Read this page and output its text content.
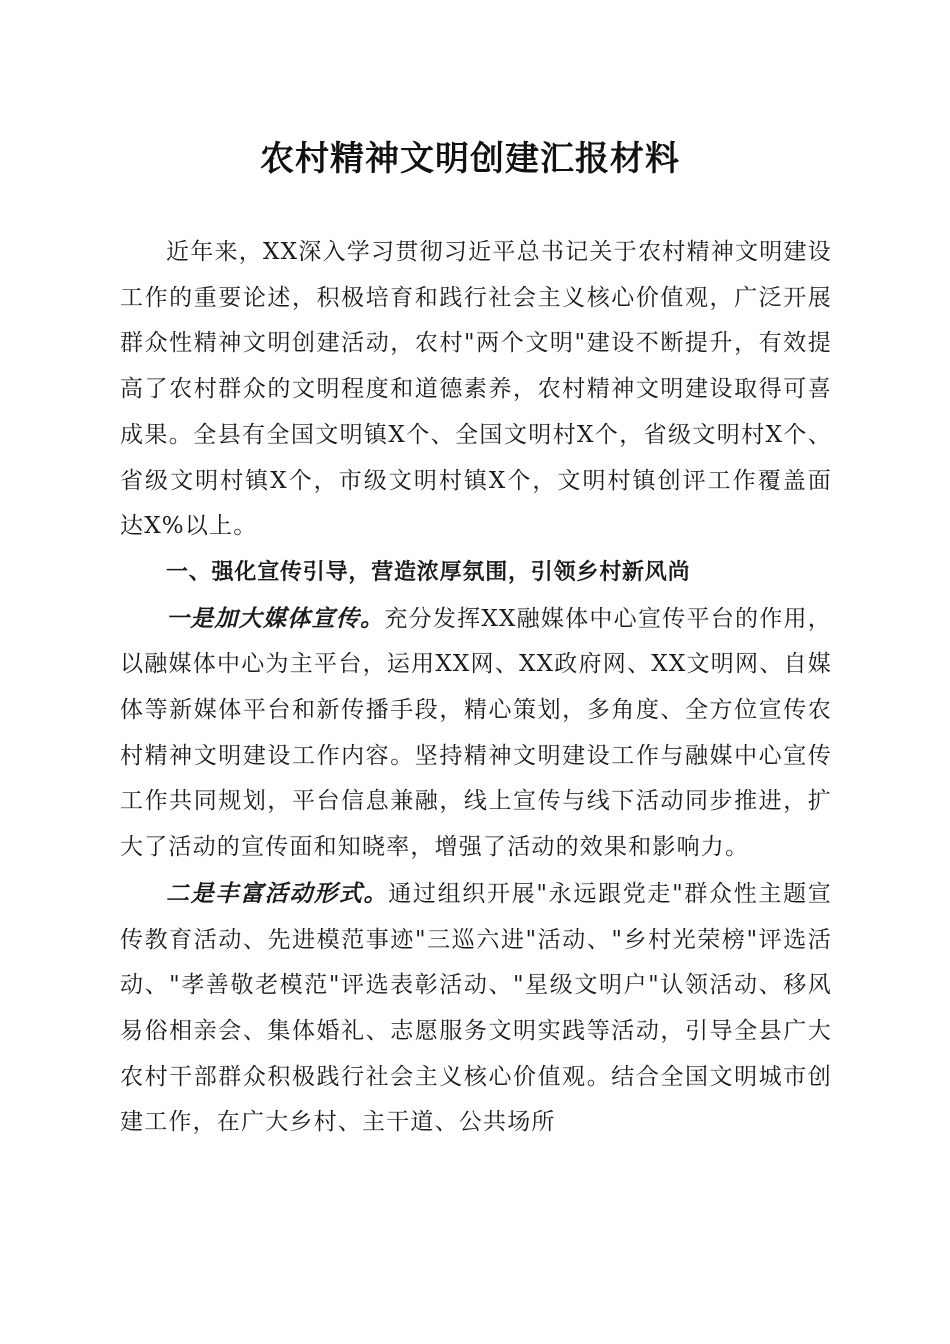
农村精神文明创建汇报材料

近年来，XX深入学习贯彻习近平总书记关于农村精神文明建设工作的重要论述，积极培育和践行社会主义核心价值观，广泛开展群众性精神文明创建活动，农村"两个文明"建设不断提升，有效提高了农村群众的文明程度和道德素养，农村精神文明建设取得可喜成果。全县有全国文明镇X个、全国文明村X个，省级文明村X个、省级文明村镇X个，市级文明村镇X个，文明村镇创评工作覆盖面达X%以上。

一、强化宣传引导，营造浓厚氛围，引领乡村新风尚

一是加大媒体宣传。充分发挥XX融媒体中心宣传平台的作用，以融媒体中心为主平台，运用XX网、XX政府网、XX文明网、自媒体等新媒体平台和新传播手段，精心策划，多角度、全方位宣传农村精神文明建设工作内容。坚持精神文明建设工作与融媒中心宣传工作共同规划，平台信息兼融，线上宣传与线下活动同步推进，扩大了活动的宣传面和知晓率，增强了活动的效果和影响力。

二是丰富活动形式。通过组织开展"永远跟党走"群众性主题宣传教育活动、先进模范事迹"三巡六进"活动、"乡村光荣榜"评选活动、"孝善敬老模范"评选表彰活动、"星级文明户"认领活动、移风易俗相亲会、集体婚礼、志愿服务文明实践等活动，引导全县广大农村干部群众积极践行社会主义核心价值观。结合全国文明城市创建工作，在广大乡村、主干道、公共场所
